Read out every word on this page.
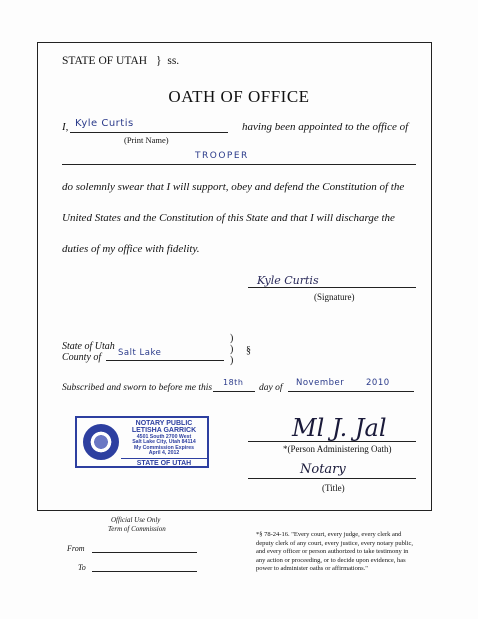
STATE OF UTAH } ss.
OATH OF OFFICE
I, Kyle Curtis
(Print Name)
having been appointed to the office of
TROOPER
do solemnly swear that I will support, obey and defend the Constitution of the
United States and the Constitution of this State and that I will discharge the
duties of my office with fidelity.
Kyle Curtis
(Signature)
State of Utah
County of Salt Lake
)
)
)
§
Subscribed and sworn to before me this
18th
day of November	2010
NOTARY PUBLIC
LETISHA GARRICK
4501 South 2700 West
Salt Lake City, Utah 84114
My Commission Expires
April 4, 2012
STATE OF UTAH
Ml J. Jal
*(Person Administering Oath)
Notary
(Title)
Official Use Only
Term of Commission
From
To
*§ 78-24-16. "Every court, every judge, every clerk and
deputy clerk of any court, every justice, every notary public,
and every officer or person authorized to take testimony in
any action or proceeding, or to decide upon evidence, has
power to administer oaths or affirmations."
